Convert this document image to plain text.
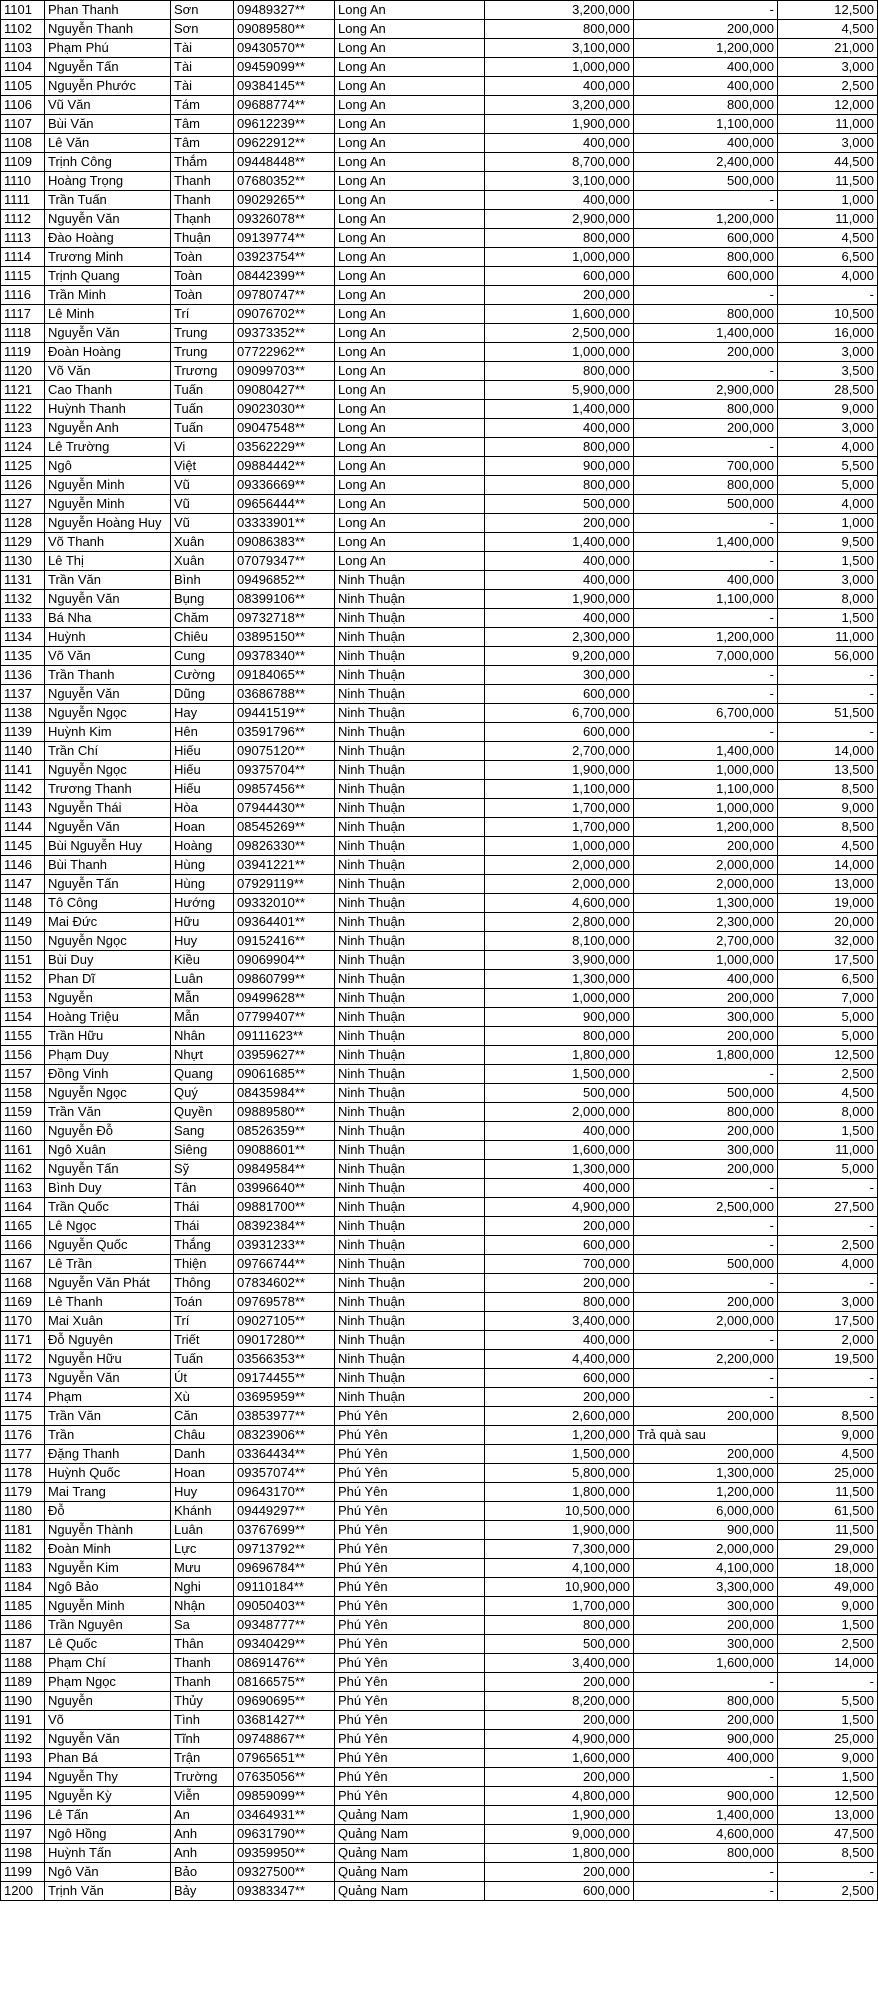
1101	Phan Thanh	Sơn	09489327**	Long An	3,200,000	-	12,500
1102	Nguyễn Thanh	Sơn	09089580**	Long An	800,000	200,000	4,500
1103	Phạm Phú	Tài	09430570**	Long An	3,100,000	1,200,000	21,000
1104	Nguyễn Tấn	Tài	09459099**	Long An	1,000,000	400,000	3,000
1105	Nguyễn Phước	Tài	09384145**	Long An	400,000	400,000	2,500
1106	Vũ Văn	Tám	09688774**	Long An	3,200,000	800,000	12,000
1107	Bùi Văn	Tâm	09612239**	Long An	1,900,000	1,100,000	11,000
1108	Lê Văn	Tâm	09622912**	Long An	400,000	400,000	3,000
1109	Trịnh Công	Thắm	09448448**	Long An	8,700,000	2,400,000	44,500
1110	Hoàng Trọng	Thanh	07680352**	Long An	3,100,000	500,000	11,500
1111	Trần Tuấn	Thanh	09029265**	Long An	400,000	-	1,000
1112	Nguyễn Văn	Thạnh	09326078**	Long An	2,900,000	1,200,000	11,000
1113	Đào Hoàng	Thuận	09139774**	Long An	800,000	600,000	4,500
1114	Trương Minh	Toàn	03923754**	Long An	1,000,000	800,000	6,500
1115	Trịnh Quang	Toàn	08442399**	Long An	600,000	600,000	4,000
1116	Trần Minh	Toàn	09780747**	Long An	200,000	-	-
1117	Lê Minh	Trí	09076702**	Long An	1,600,000	800,000	10,500
1118	Nguyễn Văn	Trung	09373352**	Long An	2,500,000	1,400,000	16,000
1119	Đoàn Hoàng	Trung	07722962**	Long An	1,000,000	200,000	3,000
1120	Võ Văn	Trương	09099703**	Long An	800,000	-	3,500
1121	Cao Thanh	Tuấn	09080427**	Long An	5,900,000	2,900,000	28,500
1122	Huỳnh Thanh	Tuấn	09023030**	Long An	1,400,000	800,000	9,000
1123	Nguyễn Anh	Tuấn	09047548**	Long An	400,000	200,000	3,000
1124	Lê Trường	Vi	03562229**	Long An	800,000	-	4,000
1125	Ngô	Việt	09884442**	Long An	900,000	700,000	5,500
1126	Nguyễn Minh	Vũ	09336669**	Long An	800,000	800,000	5,000
1127	Nguyễn Minh	Vũ	09656444**	Long An	500,000	500,000	4,000
1128	Nguyễn Hoàng Huy	Vũ	03333901**	Long An	200,000	-	1,000
1129	Võ Thanh	Xuân	09086383**	Long An	1,400,000	1,400,000	9,500
1130	Lê Thị	Xuân	07079347**	Long An	400,000	-	1,500
1131	Trần Văn	Bình	09496852**	Ninh Thuận	400,000	400,000	3,000
1132	Nguyễn Văn	Bụng	08399106**	Ninh Thuận	1,900,000	1,100,000	8,000
1133	Bá Nha	Chăm	09732718**	Ninh Thuận	400,000	-	1,500
1134	Huỳnh	Chiêu	03895150**	Ninh Thuận	2,300,000	1,200,000	11,000
1135	Võ Văn	Cung	09378340**	Ninh Thuận	9,200,000	7,000,000	56,000
1136	Trần Thanh	Cường	09184065**	Ninh Thuận	300,000	-	-
1137	Nguyễn Văn	Dũng	03686788**	Ninh Thuận	600,000	-	-
1138	Nguyễn Ngọc	Hay	09441519**	Ninh Thuận	6,700,000	6,700,000	51,500
1139	Huỳnh Kim	Hên	03591796**	Ninh Thuận	600,000	-	-
1140	Trần Chí	Hiếu	09075120**	Ninh Thuận	2,700,000	1,400,000	14,000
1141	Nguyễn Ngọc	Hiếu	09375704**	Ninh Thuận	1,900,000	1,000,000	13,500
1142	Trương Thanh	Hiếu	09857456**	Ninh Thuận	1,100,000	1,100,000	8,500
1143	Nguyễn Thái	Hòa	07944430**	Ninh Thuận	1,700,000	1,000,000	9,000
1144	Nguyễn Văn	Hoan	08545269**	Ninh Thuận	1,700,000	1,200,000	8,500
1145	Bùi Nguyễn Huy	Hoàng	09826330**	Ninh Thuận	1,000,000	200,000	4,500
1146	Bùi Thanh	Hùng	03941221**	Ninh Thuận	2,000,000	2,000,000	14,000
1147	Nguyễn Tấn	Hùng	07929119**	Ninh Thuận	2,000,000	2,000,000	13,000
1148	Tô Công	Hướng	09332010**	Ninh Thuận	4,600,000	1,300,000	19,000
1149	Mai Đức	Hữu	09364401**	Ninh Thuận	2,800,000	2,300,000	20,000
1150	Nguyễn Ngọc	Huy	09152416**	Ninh Thuận	8,100,000	2,700,000	32,000
1151	Bùi Duy	Kiều	09069904**	Ninh Thuận	3,900,000	1,000,000	17,500
1152	Phan Dĩ	Luân	09860799**	Ninh Thuận	1,300,000	400,000	6,500
1153	Nguyễn	Mẫn	09499628**	Ninh Thuận	1,000,000	200,000	7,000
1154	Hoàng Triệu	Mẫn	07799407**	Ninh Thuận	900,000	300,000	5,000
1155	Trần Hữu	Nhân	09111623**	Ninh Thuận	800,000	200,000	5,000
1156	Phạm Duy	Nhựt	03959627**	Ninh Thuận	1,800,000	1,800,000	12,500
1157	Đồng Vinh	Quang	09061685**	Ninh Thuận	1,500,000	-	2,500
1158	Nguyễn Ngọc	Quý	08435984**	Ninh Thuận	500,000	500,000	4,500
1159	Trần Văn	Quyền	09889580**	Ninh Thuận	2,000,000	800,000	8,000
1160	Nguyễn Đỗ	Sang	08526359**	Ninh Thuận	400,000	200,000	1,500
1161	Ngô Xuân	Siêng	09088601**	Ninh Thuận	1,600,000	300,000	11,000
1162	Nguyễn Tấn	Sỹ	09849584**	Ninh Thuận	1,300,000	200,000	5,000
1163	Bình Duy	Tân	03996640**	Ninh Thuận	400,000	-	-
1164	Trần Quốc	Thái	09881700**	Ninh Thuận	4,900,000	2,500,000	27,500
1165	Lê Ngọc	Thái	08392384**	Ninh Thuận	200,000	-	-
1166	Nguyễn Quốc	Thắng	03931233**	Ninh Thuận	600,000	-	2,500
1167	Lê Trần	Thiện	09766744**	Ninh Thuận	700,000	500,000	4,000
1168	Nguyễn Văn Phát	Thông	07834602**	Ninh Thuận	200,000	-	-
1169	Lê Thanh	Toán	09769578**	Ninh Thuận	800,000	200,000	3,000
1170	Mai Xuân	Trí	09027105**	Ninh Thuận	3,400,000	2,000,000	17,500
1171	Đỗ Nguyên	Triết	09017280**	Ninh Thuận	400,000	-	2,000
1172	Nguyễn Hữu	Tuấn	03566353**	Ninh Thuận	4,400,000	2,200,000	19,500
1173	Nguyễn Văn	Út	09174455**	Ninh Thuận	600,000	-	-
1174	Phạm	Xù	03695959**	Ninh Thuận	200,000	-	-
1175	Trần Văn	Căn	03853977**	Phú Yên	2,600,000	200,000	8,500
1176	Trần	Châu	08323906**	Phú Yên	1,200,000	Trả quà sau	9,000
1177	Đặng Thanh	Danh	03364434**	Phú Yên	1,500,000	200,000	4,500
1178	Huỳnh Quốc	Hoan	09357074**	Phú Yên	5,800,000	1,300,000	25,000
1179	Mai Trang	Huy	09643170**	Phú Yên	1,800,000	1,200,000	11,500
1180	Đỗ	Khánh	09449297**	Phú Yên	10,500,000	6,000,000	61,500
1181	Nguyễn Thành	Luân	03767699**	Phú Yên	1,900,000	900,000	11,500
1182	Đoàn Minh	Lực	09713792**	Phú Yên	7,300,000	2,000,000	29,000
1183	Nguyễn Kim	Mưu	09696784**	Phú Yên	4,100,000	4,100,000	18,000
1184	Ngô Bảo	Nghi	09110184**	Phú Yên	10,900,000	3,300,000	49,000
1185	Nguyễn Minh	Nhận	09050403**	Phú Yên	1,700,000	300,000	9,000
1186	Trần Nguyên	Sa	09348777**	Phú Yên	800,000	200,000	1,500
1187	Lê Quốc	Thân	09340429**	Phú Yên	500,000	300,000	2,500
1188	Phạm Chí	Thanh	08691476**	Phú Yên	3,400,000	1,600,000	14,000
1189	Phạm Ngọc	Thanh	08166575**	Phú Yên	200,000	-	-
1190	Nguyễn	Thủy	09690695**	Phú Yên	8,200,000	800,000	5,500
1191	Võ	Tình	03681427**	Phú Yên	200,000	200,000	1,500
1192	Nguyễn Văn	Tĩnh	09748867**	Phú Yên	4,900,000	900,000	25,000
1193	Phan Bá	Trận	07965651**	Phú Yên	1,600,000	400,000	9,000
1194	Nguyễn Thy	Trường	07635056**	Phú Yên	200,000	-	1,500
1195	Nguyễn Kỳ	Viễn	09859099**	Phú Yên	4,800,000	900,000	12,500
1196	Lê Tấn	An	03464931**	Quảng Nam	1,900,000	1,400,000	13,000
1197	Ngô Hồng	Anh	09631790**	Quảng Nam	9,000,000	4,600,000	47,500
1198	Huỳnh Tấn	Anh	09359950**	Quảng Nam	1,800,000	800,000	8,500
1199	Ngô Văn	Bảo	09327500**	Quảng Nam	200,000	-	-
1200	Trịnh Văn	Bảy	09383347**	Quảng Nam	600,000	-	2,500
